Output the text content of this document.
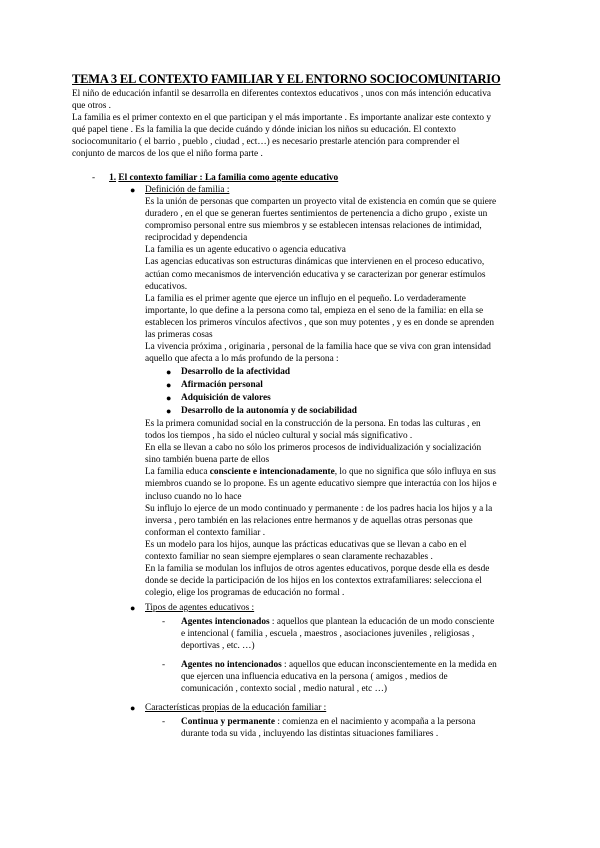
TEMA 3 EL CONTEXTO FAMILIAR Y EL ENTORNO SOCIOCOMUNITARIO
El niño de educación infantil se desarrolla en diferentes contextos educativos , unos con más intención educativa
que otros .
La familia es el primer contexto en el que participan y el más importante . Es importante analizar este contexto y
qué papel tiene . Es la familia la que decide cuándo y dónde inician los niños su educación. El contexto
sociocomunitario ( el barrio , pueblo , ciudad , ect…) es necesario prestarle atención para comprender el
conjunto de marcos de los que el niño forma parte .
- 1. El contexto familiar : La familia como agente educativo
● Definición de familia :
Es la unión de personas que comparten un proyecto vital de existencia en común que se quiere
duradero , en el que se generan fuertes sentimientos de pertenencia a dicho grupo , existe un
compromiso personal entre sus miembros y se establecen intensas relaciones de intimidad,
reciprocidad y dependencia
La familia es un agente educativo o agencia educativa
Las agencias educativas son estructuras dinámicas que intervienen en el proceso educativo,
actúan como mecanismos de intervención educativa y se caracterizan por generar estímulos
educativos.
La familia es el primer agente que ejerce un influjo en el pequeño. Lo verdaderamente
importante, lo que define a la persona como tal, empieza en el seno de la familia: en ella se
establecen los primeros vínculos afectivos , que son muy potentes , y es en donde se aprenden
las primeras cosas
La vivencia próxima , originaria , personal de la familia hace que se viva con gran intensidad
aquello que afecta a lo más profundo de la persona :
● Desarrollo de la afectividad
● Afirmación personal
● Adquisición de valores
● Desarrollo de la autonomía y de sociabilidad
Es la primera comunidad social en la construcción de la persona. En todas las culturas , en
todos los tiempos , ha sido el núcleo cultural y social más significativo .
En ella se llevan a cabo no sólo los primeros procesos de individualización y socialización
sino también buena parte de ellos
La familia educa consciente e intencionadamente, lo que no significa que sólo influya en sus
miembros cuando se lo propone. Es un agente educativo siempre que interactúa con los hijos e
incluso cuando no lo hace
Su influjo lo ejerce de un modo continuado y permanente : de los padres hacia los hijos y a la
inversa , pero también en las relaciones entre hermanos y de aquellas otras personas que
conforman el contexto familiar .
Es un modelo para los hijos, aunque las prácticas educativas que se llevan a cabo en el
contexto familiar no sean siempre ejemplares o sean claramente rechazables .
En la familia se modulan los influjos de otros agentes educativos, porque desde ella es desde
donde se decide la participación de los hijos en los contextos extrafamiliares: selecciona el
colegio, elige los programas de educación no formal .
● Tipos de agentes educativos :
- Agentes intencionados : aquellos que plantean la educación de un modo consciente
e intencional ( familia , escuela , maestros , asociaciones juveniles , religiosas ,
deportivas , etc. …)
- Agentes no intencionados : aquellos que educan inconscientemente en la medida en
que ejercen una influencia educativa en la persona ( amigos , medios de
comunicación , contexto social , medio natural , etc …)
● Características propias de la educación familiar :
- Continua y permanente : comienza en el nacimiento y acompaña a la persona
durante toda su vida , incluyendo las distintas situaciones familiares .
